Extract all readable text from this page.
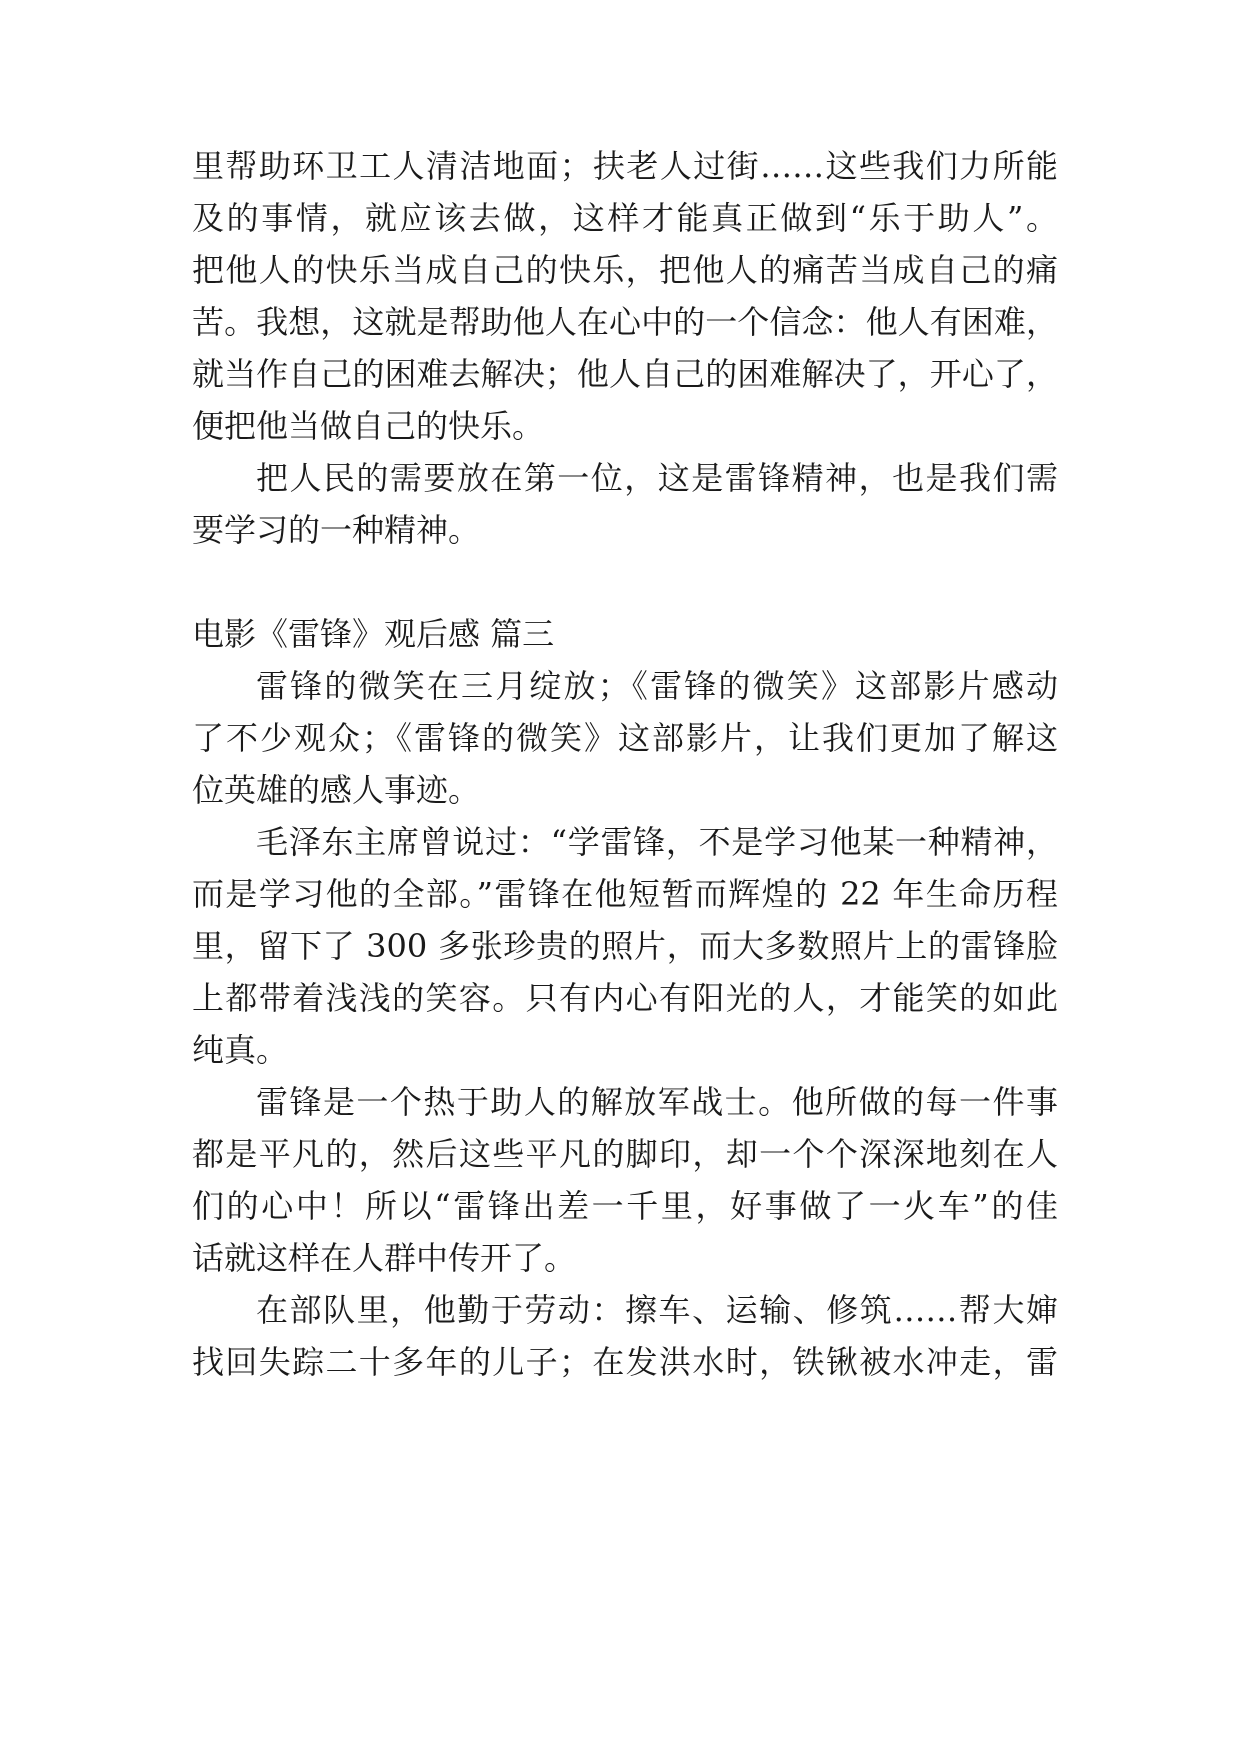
里帮助环卫工人清洁地面；扶老人过街……这些我们力所能
及的事情，就应该去做，这样才能真正做到“乐于助人”。
把他人的快乐当成自己的快乐，把他人的痛苦当成自己的痛
苦。我想，这就是帮助他人在心中的一个信念：他人有困难，
就当作自己的困难去解决；他人自己的困难解决了，开心了，
便把他当做自己的快乐。
把人民的需要放在第一位，这是雷锋精神，也是我们需
要学习的一种精神。
电影《雷锋》观后感 篇三
雷锋的微笑在三月绽放；《雷锋的微笑》这部影片感动
了不少观众；《雷锋的微笑》这部影片，让我们更加了解这
位英雄的感人事迹。
毛泽东主席曾说过：“学雷锋，不是学习他某一种精神，
而是学习他的全部。”雷锋在他短暂而辉煌的 22 年生命历程
里，留下了 300 多张珍贵的照片，而大多数照片上的雷锋脸
上都带着浅浅的笑容。只有内心有阳光的人，才能笑的如此
纯真。
雷锋是一个热于助人的解放军战士。他所做的每一件事
都是平凡的，然后这些平凡的脚印，却一个个深深地刻在人
们的心中！所以“雷锋出差一千里，好事做了一火车”的佳
话就这样在人群中传开了。
在部队里，他勤于劳动：擦车、运输、修筑……帮大婶
找回失踪二十多年的儿子；在发洪水时，铁锹被水冲走，雷
